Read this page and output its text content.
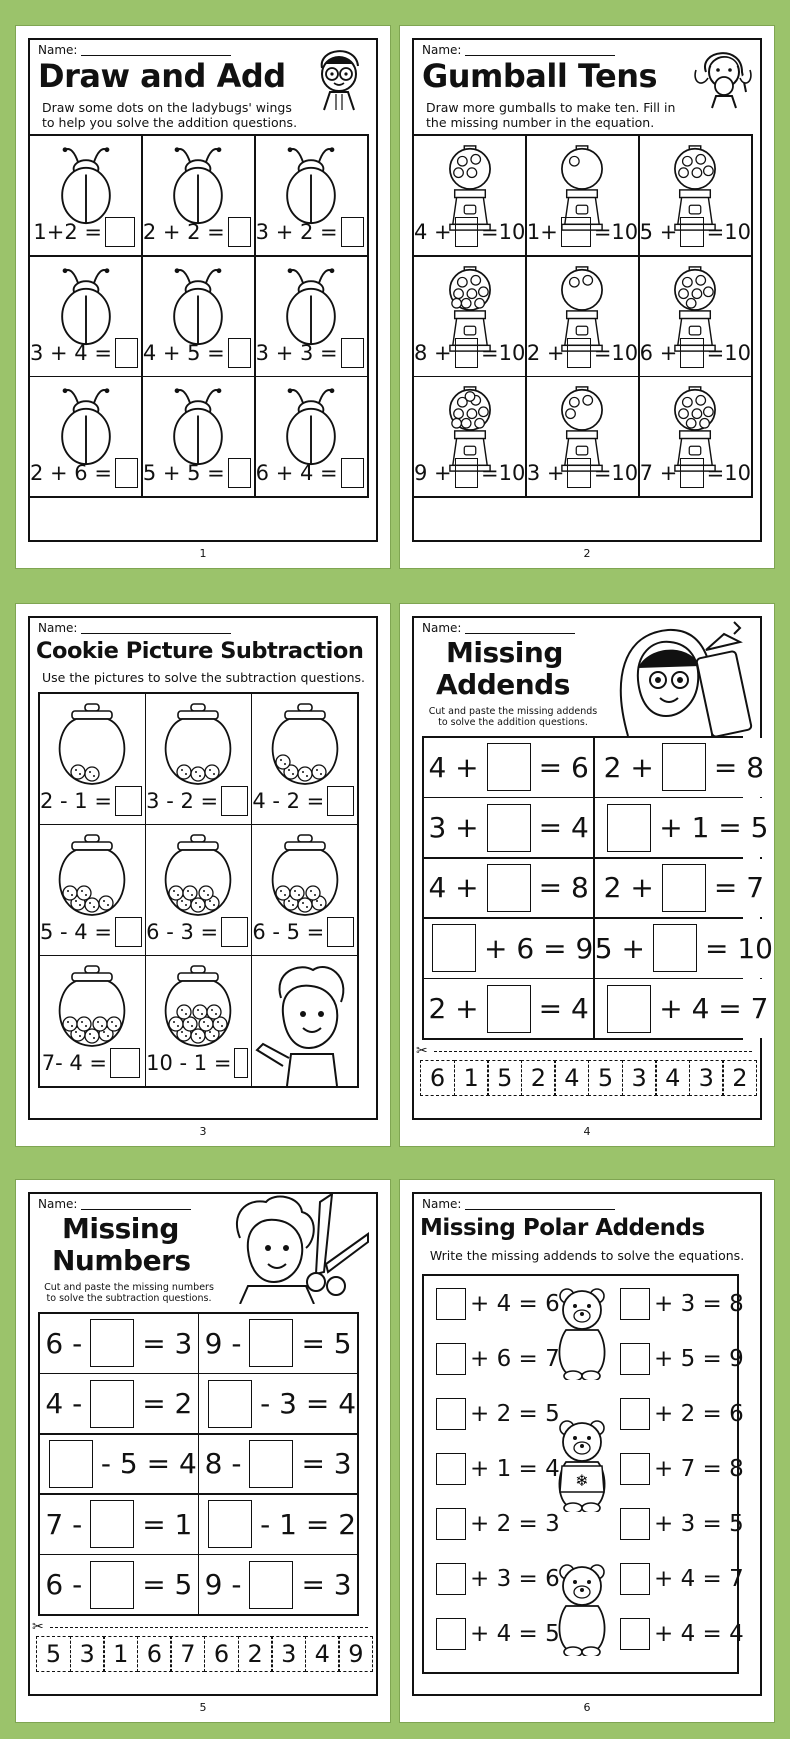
Name:
Draw and Add
Draw some dots on the ladybugs' wings to help you solve the addition questions.
1+2 = 2 + 2 = 3 + 2 =
3 + 4 = 4 + 5 = 3 + 3 =
2 + 6 = 5 + 5 = 6 + 4 =
1
Name:
Gumball Tens
Draw more gumballs to make ten. Fill in the missing number in the equation.
4 + =10 1+ =10 5 + =10
8 + =10 2 + =10 6 + =10
9 + =10 3 + =10 7 + =10
2
Name:
Cookie Picture Subtraction
Use the pictures to solve the subtraction questions.
2 - 1 = 3 - 2 = 4 - 2 =
5 - 4 = 6 - 3 = 6 - 5 =
7- 4 = 10 - 1 =
3
Name:
Missing
Addends
Cut and paste the missing addends to solve the addition questions.
4 + = 6 2 + = 8
3 + = 4	+ 1 = 5
4 + = 8 2 + = 7
+ 6 = 9 5 + = 10
2 + = 4	+ 4 = 7
✂
6 1 5 2 4 5 3 4 3 2
4
Name:
Missing
Numbers
Cut and paste the missing numbers to solve the subtraction questions.
6 - = 3 9 - = 5
4 - = 2 - 3 = 4
- 5 = 4 8 - = 3
7 - = 1 - 1 = 2
6 - = 5 9 - = 3
✂
5 3 1 6 7 6 2 3 4 9
5
Name:
Missing Polar Addends
Write the missing addends to solve the equations.
❄
+ 4 = 6
+ 6 = 7
+ 2 = 5
+ 1 = 4
+ 2 = 3
+ 3 = 6
+ 4 = 5
+ 3 = 8
+ 5 = 9
+ 2 = 6
+ 7 = 8
+ 3 = 5
+ 4 = 7
+ 4 = 4
6
